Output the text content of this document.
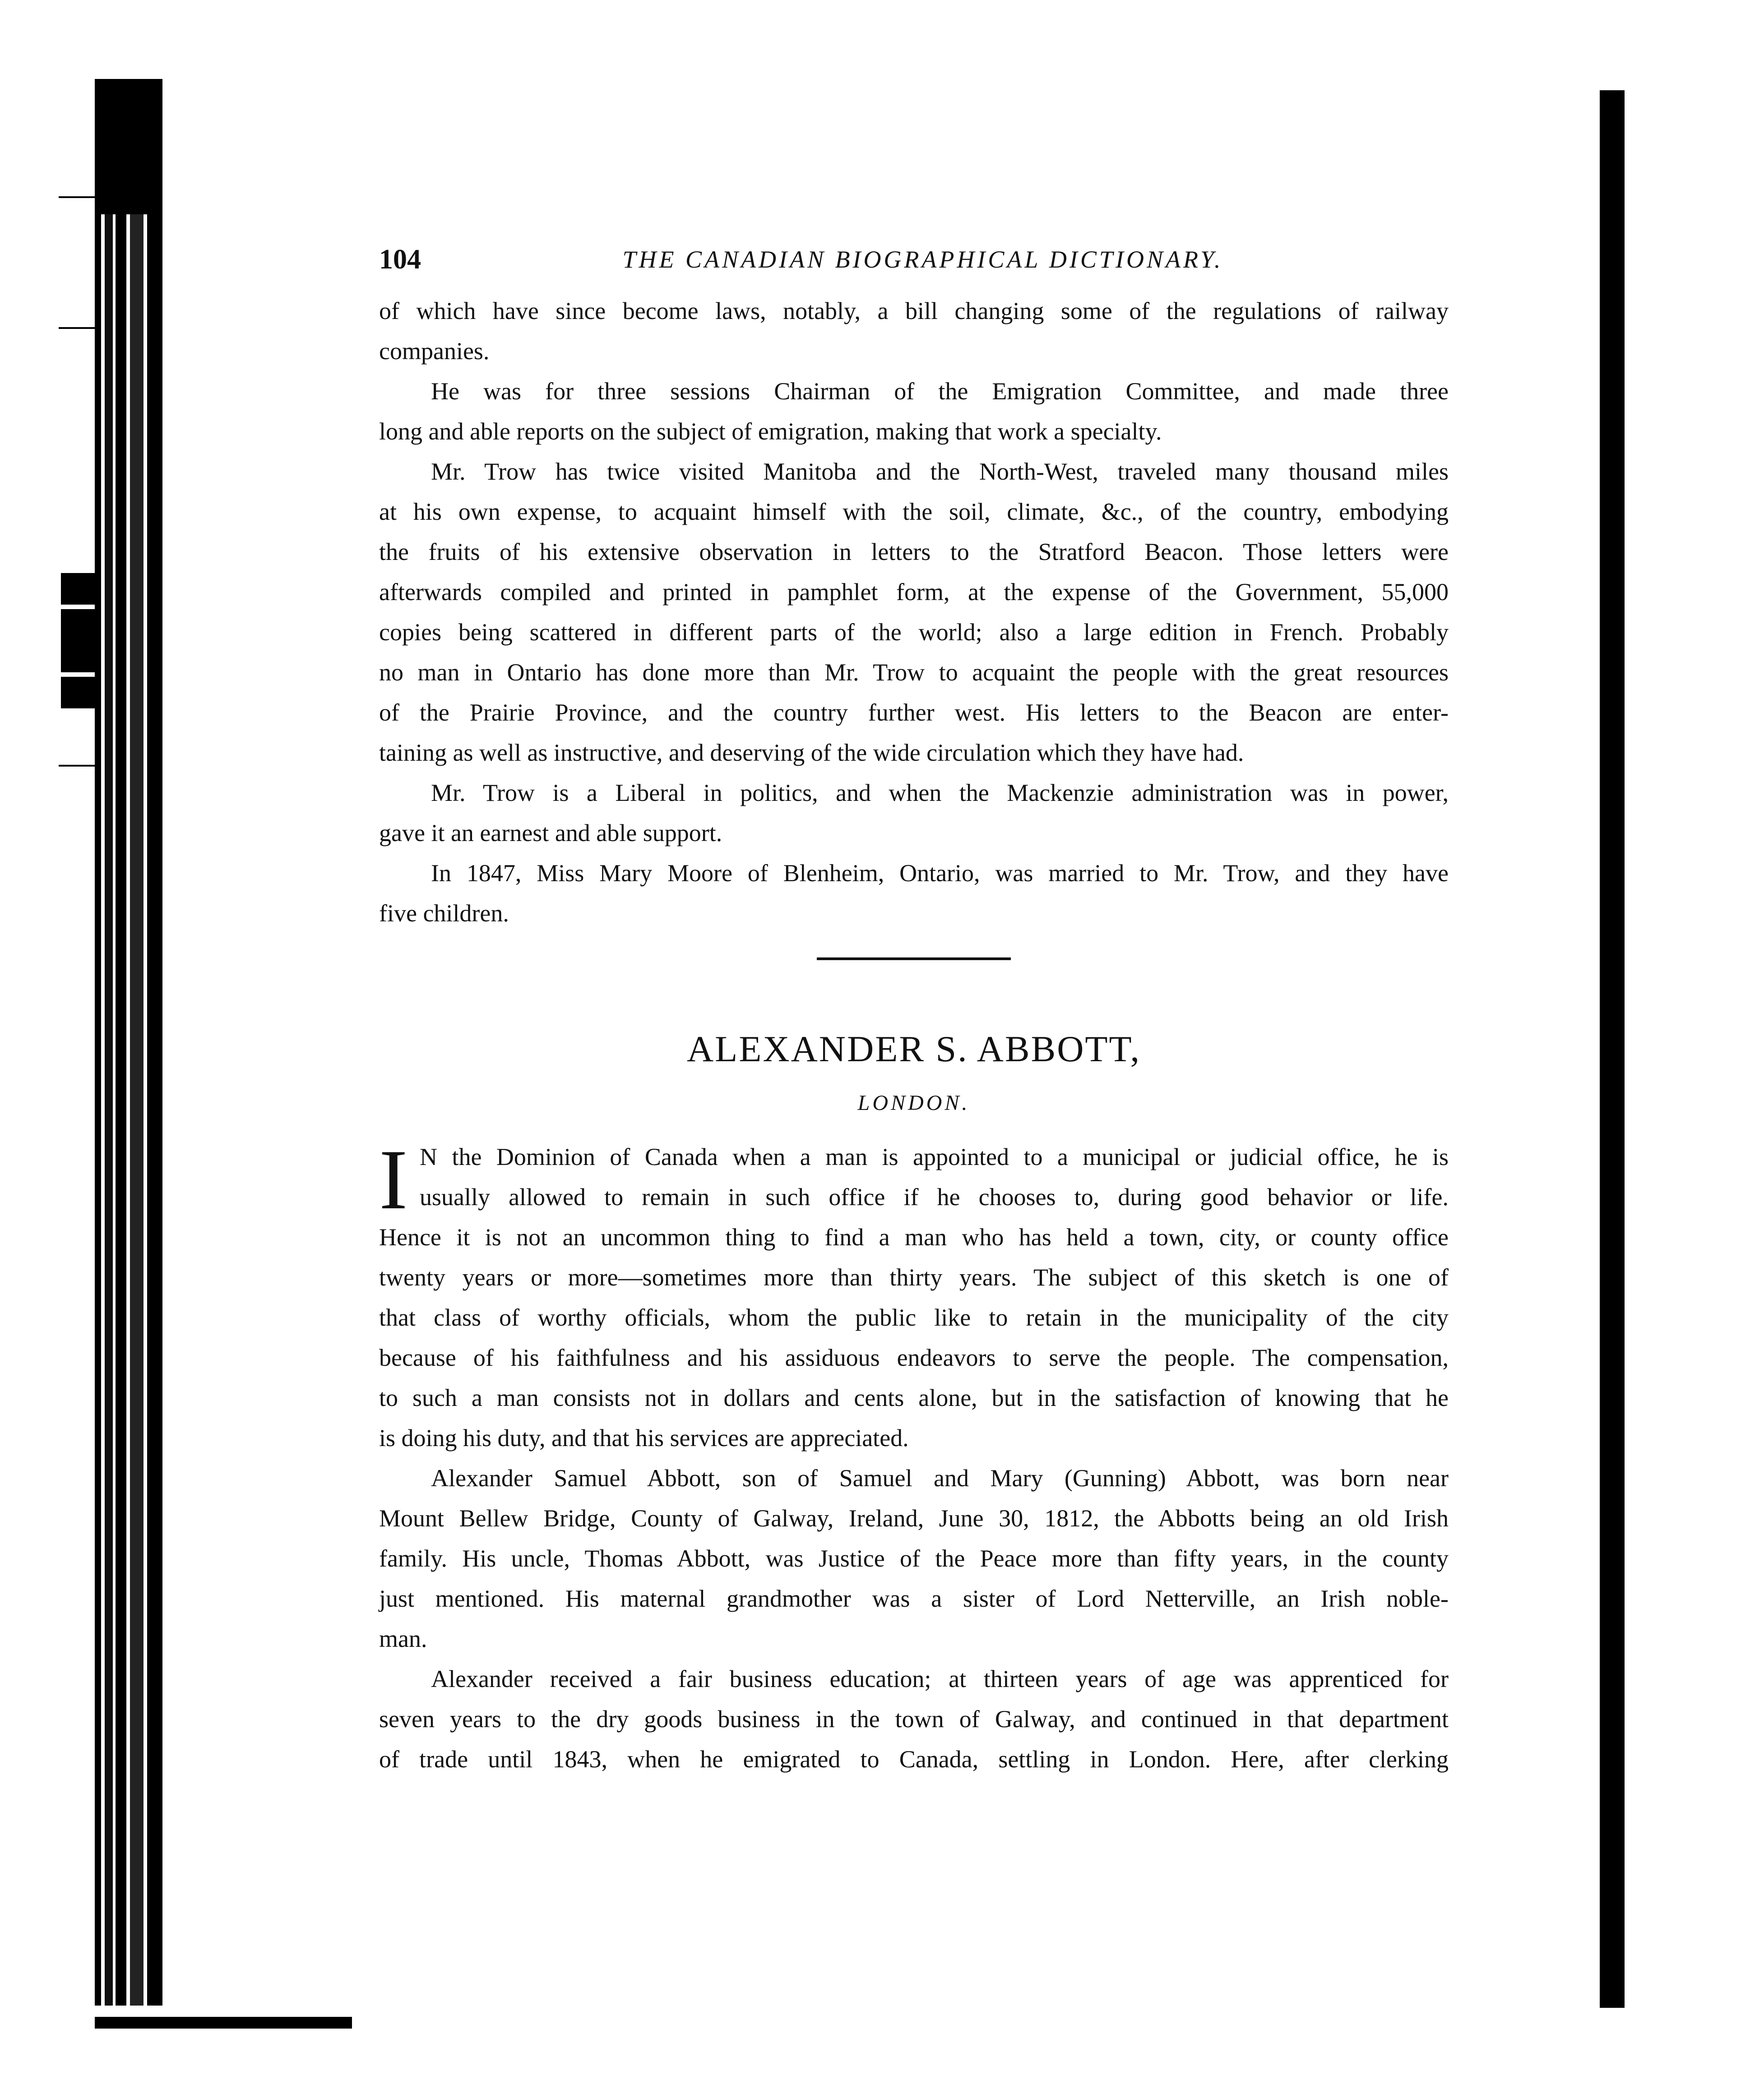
104	THE CANADIAN BIOGRAPHICAL DICTIONARY.
of which have since become laws, notably, a bill changing some of the regulations of railway
companies.
He was for three sessions Chairman of the Emigration Committee, and made three
long and able reports on the subject of emigration, making that work a specialty.
Mr. Trow has twice visited Manitoba and the North-West, traveled many thousand miles
at his own expense, to acquaint himself with the soil, climate, &c., of the country, embodying
the fruits of his extensive observation in letters to the Stratford Beacon. Those letters were
afterwards compiled and printed in pamphlet form, at the expense of the Government, 55,000
copies being scattered in different parts of the world; also a large edition in French. Probably
no man in Ontario has done more than Mr. Trow to acquaint the people with the great resources
of the Prairie Province, and the country further west. His letters to the Beacon are enter-
taining as well as instructive, and deserving of the wide circulation which they have had.
Mr. Trow is a Liberal in politics, and when the Mackenzie administration was in power,
gave it an earnest and able support.
In 1847, Miss Mary Moore of Blenheim, Ontario, was married to Mr. Trow, and they have
five children.
ALEXANDER S. ABBOTT,
LONDON.
I N the Dominion of Canada when a man is appointed to a municipal or judicial office, he is
usually allowed to remain in such office if he chooses to, during good behavior or life.
Hence it is not an uncommon thing to find a man who has held a town, city, or county office
twenty years or more—sometimes more than thirty years. The subject of this sketch is one of
that class of worthy officials, whom the public like to retain in the municipality of the city
because of his faithfulness and his assiduous endeavors to serve the people. The compensation,
to such a man consists not in dollars and cents alone, but in the satisfaction of knowing that he
is doing his duty, and that his services are appreciated.
Alexander Samuel Abbott, son of Samuel and Mary (Gunning) Abbott, was born near
Mount Bellew Bridge, County of Galway, Ireland, June 30, 1812, the Abbotts being an old Irish
family. His uncle, Thomas Abbott, was Justice of the Peace more than fifty years, in the county
just mentioned. His maternal grandmother was a sister of Lord Netterville, an Irish noble-
man.
Alexander received a fair business education; at thirteen years of age was apprenticed for
seven years to the dry goods business in the town of Galway, and continued in that department
of trade until 1843, when he emigrated to Canada, settling in London. Here, after clerking
